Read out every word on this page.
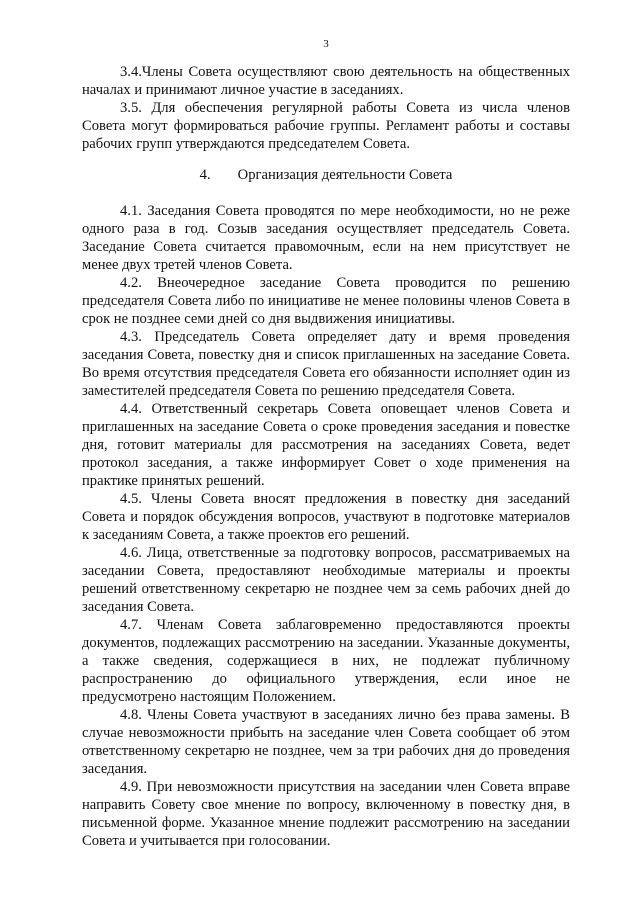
3

3.4.Члены Совета осуществляют свою деятельность на общественных началах и принимают личное участие в заседаниях.

3.5. Для обеспечения регулярной работы Совета из числа членов Совета могут формироваться рабочие группы. Регламент работы и составы рабочих групп утверждаются председателем Совета.

4. Организация деятельности Совета

4.1. Заседания Совета проводятся по мере необходимости, но не реже одного раза в год. Созыв заседания осуществляет председатель Совета. Заседание Совета считается правомочным, если на нем присутствует не менее двух третей членов Совета.

4.2. Внеочередное заседание Совета проводится по решению председателя Совета либо по инициативе не менее половины членов Совета в срок не позднее семи дней со дня выдвижения инициативы.

4.3. Председатель Совета определяет дату и время проведения заседания Совета, повестку дня и список приглашенных на заседание Совета. Во время отсутствия председателя Совета его обязанности исполняет один из заместителей председателя Совета по решению председателя Совета.

4.4. Ответственный секретарь Совета оповещает членов Совета и приглашенных на заседание Совета о сроке проведения заседания и повестке дня, готовит материалы для рассмотрения на заседаниях Совета, ведет протокол заседания, а также информирует Совет о ходе применения на практике принятых решений.

4.5. Члены Совета вносят предложения в повестку дня заседаний Совета и порядок обсуждения вопросов, участвуют в подготовке материалов к заседаниям Совета, а также проектов его решений.

4.6. Лица, ответственные за подготовку вопросов, рассматриваемых на заседании Совета, предоставляют необходимые материалы и проекты решений ответственному секретарю не позднее чем за семь рабочих дней до заседания Совета.

4.7. Членам Совета заблаговременно предоставляются проекты документов, подлежащих рассмотрению на заседании. Указанные документы, а также сведения, содержащиеся в них, не подлежат публичному распространению до официального утверждения, если иное не предусмотрено настоящим Положением.

4.8. Члены Совета участвуют в заседаниях лично без права замены. В случае невозможности прибыть на заседание член Совета сообщает об этом ответственному секретарю не позднее, чем за три рабочих дня до проведения заседания.

4.9. При невозможности присутствия на заседании член Совета вправе направить Совету свое мнение по вопросу, включенному в повестку дня, в письменной форме. Указанное мнение подлежит рассмотрению на заседании Совета и учитывается при голосовании.
